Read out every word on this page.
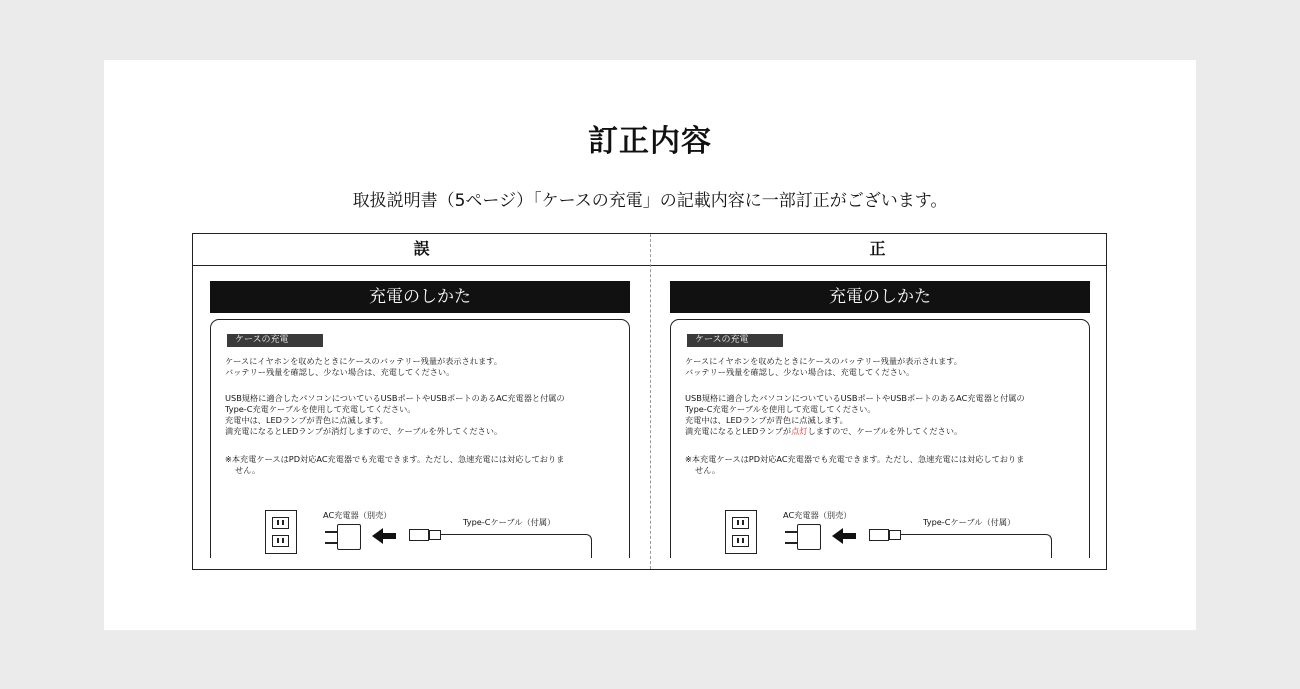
訂正内容
取扱説明書（5ページ）「ケースの充電」の記載内容に一部訂正がございます。
誤	正
充電のしかた
ケースの充電
ケースにイヤホンを収めたときにケースのバッテリー残量が表示されます。
バッテリー残量を確認し、少ない場合は、充電してください。
USB規格に適合したパソコンについているUSBポートやUSBポートのあるAC充電器と付属の
Type-C充電ケーブルを使用して充電してください。
充電中は、LEDランプが青色に点滅します。
満充電になるとLEDランプが消灯しますので、ケーブルを外してください。
※本充電ケースはPD対応AC充電器でも充電できます。ただし、急速充電には対応しておりま
せん。
AC充電器（別売）
Type-Cケーブル（付属）
充電のしかた
ケースの充電
ケースにイヤホンを収めたときにケースのバッテリー残量が表示されます。
バッテリー残量を確認し、少ない場合は、充電してください。
USB規格に適合したパソコンについているUSBポートやUSBポートのあるAC充電器と付属の
Type-C充電ケーブルを使用して充電してください。
充電中は、LEDランプが青色に点滅します。
満充電になるとLEDランプが点灯しますので、ケーブルを外してください。
※本充電ケースはPD対応AC充電器でも充電できます。ただし、急速充電には対応しておりま
せん。
AC充電器（別売）
Type-Cケーブル（付属）
